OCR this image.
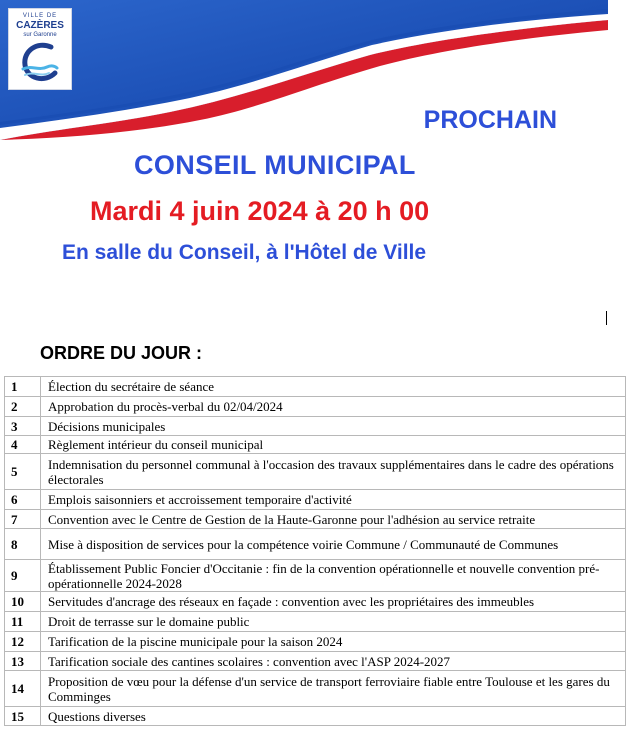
VILLE DE
CAZÈRES
sur Garonne
PROCHAIN
CONSEIL MUNICIPAL
Mardi 4 juin 2024 à 20 h 00
En salle du Conseil, à l'Hôtel de Ville
ORDRE DU JOUR :
1	Élection du secrétaire de séance
2	Approbation du procès-verbal du 02/04/2024
3	Décisions municipales
4	Règlement intérieur du conseil municipal
5	Indemnisation du personnel communal à l'occasion des travaux supplémentaires dans le cadre des opérations électorales
6	Emplois saisonniers et accroissement temporaire d'activité
7	Convention avec le Centre de Gestion de la Haute-Garonne pour l'adhésion au service retraite
8	Mise à disposition de services pour la compétence voirie Commune / Communauté de Communes
9	Établissement Public Foncier d'Occitanie : fin de la convention opérationnelle et nouvelle convention pré-opérationnelle 2024-2028
10	Servitudes d'ancrage des réseaux en façade : convention avec les propriétaires des immeubles
11	Droit de terrasse sur le domaine public
12	Tarification de la piscine municipale pour la saison 2024
13	Tarification sociale des cantines scolaires : convention avec l'ASP 2024-2027
14	Proposition de vœu pour la défense d'un service de transport ferroviaire fiable entre Toulouse et les gares du Comminges
15	Questions diverses
